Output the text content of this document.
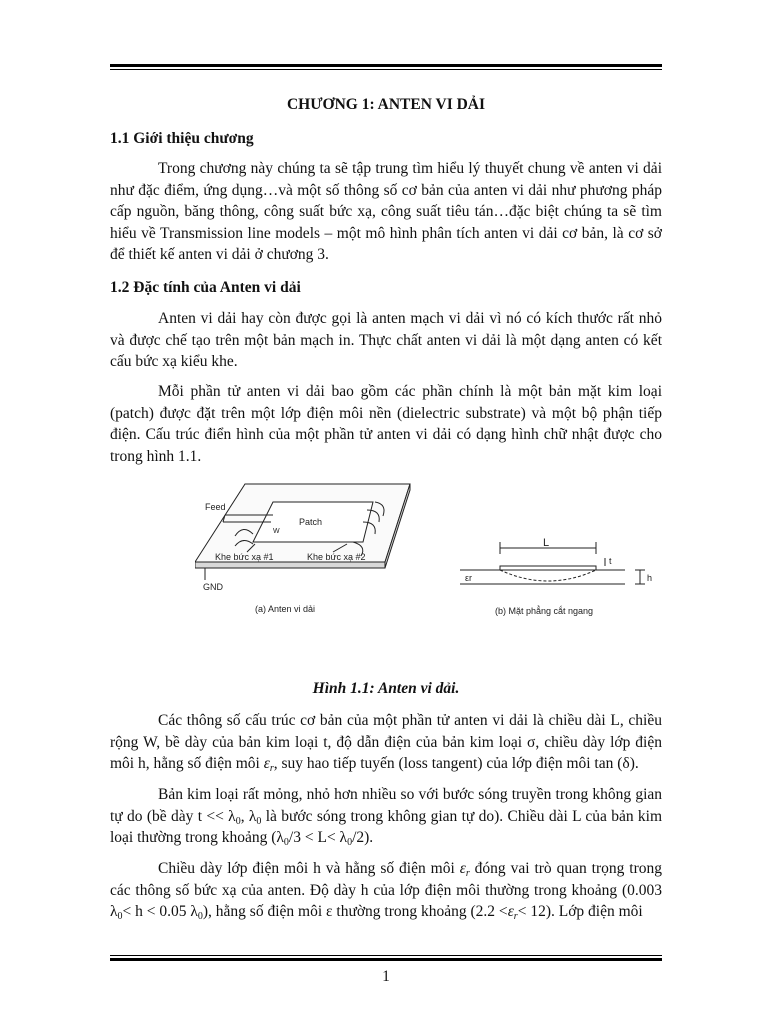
CHƯƠNG 1: ANTEN VI DẢI

1.1 Giới thiệu chương

Trong chương này chúng ta sẽ tập trung tìm hiểu lý thuyết chung về anten vi dải như đặc điểm, ứng dụng…và một số thông số cơ bản của anten vi dải như phương pháp cấp nguồn, băng thông, công suất bức xạ, công suất tiêu tán…đặc biệt chúng ta sẽ tìm hiểu về Transmission line models – một mô hình phân tích anten vi dải cơ bản, là cơ sở để thiết kế anten vi dải ở chương 3.

1.2 Đặc tính của Anten vi dải

Anten vi dải hay còn được gọi là anten mạch vi dải vì nó có kích thước rất nhỏ và được chế tạo trên một bản mạch in. Thực chất anten vi dải là một dạng anten có kết cấu bức xạ kiểu khe.

Mỗi phần tử anten vi dải bao gồm các phần chính là một bản mặt kim loại (patch) được đặt trên một lớp điện môi nền (dielectric substrate) và một bộ phận tiếp điện. Cấu trúc điển hình của một phần tử anten vi dải có dạng hình chữ nhật được cho trong hình 1.1.

Feed
Patch
W
Khe bức xạ #1	Khe bức xạ #2
GND
(a) Anten vi dải
L
t
h
εr
(b) Mặt phẳng cắt ngang

Hình 1.1: Anten vi dải.

Các thông số cấu trúc cơ bản của một phần tử anten vi dải là chiều dài L, chiều rộng W, bề dày của bản kim loại t, độ dẫn điện của bản kim loại σ, chiều dày lớp điện môi h, hằng số điện môi $\varepsilon_r$, suy hao tiếp tuyến (loss tangent) của lớp điện môi tan (δ).

Bản kim loại rất mỏng, nhỏ hơn nhiều so với bước sóng truyền trong không gian tự do (bề dày $t << \lambda_0$, $\lambda_0$ là bước sóng trong không gian tự do). Chiều dài L của bản kim loại thường trong khoảng $(\lambda_0/3 < L< \lambda_0/2)$.

Chiều dày lớp điện môi h và hằng số điện môi $\varepsilon_r$ đóng vai trò quan trọng trong các thông số bức xạ của anten. Độ dày h của lớp điện môi thường trong khoảng (0.003 $\lambda_0< h < 0.05$ $\lambda_0$), hằng số điện môi ε thường trong khoảng $(2.2 <\varepsilon_r< 12)$. Lớp điện môi

1
